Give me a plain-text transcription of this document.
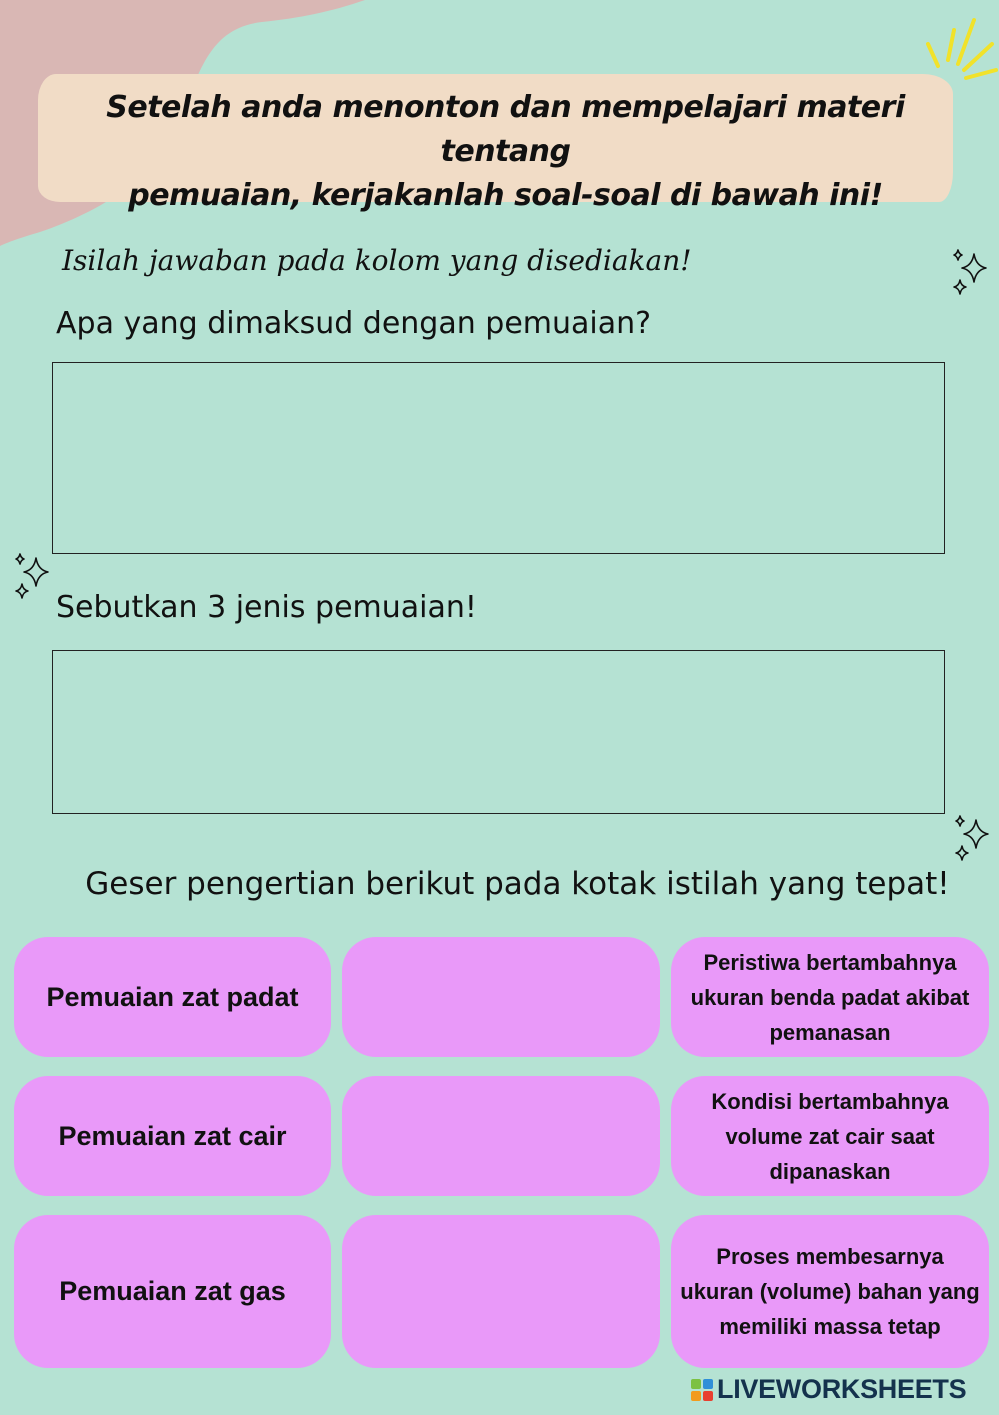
Setelah anda menonton dan mempelajari materi tentang
pemuaian, kerjakanlah soal-soal di bawah ini!
Isilah jawaban pada kolom yang disediakan!
Apa yang dimaksud dengan pemuaian?
Sebutkan 3 jenis pemuaian!
Geser pengertian berikut pada kotak istilah yang tepat!
Pemuaian zat padat
Peristiwa bertambahnya ukuran benda padat akibat pemanasan
Pemuaian zat cair
Kondisi bertambahnya volume zat cair saat dipanaskan
Pemuaian zat gas
Proses membesarnya ukuran (volume) bahan yang memiliki massa tetap
LIVEWORKSHEETS
